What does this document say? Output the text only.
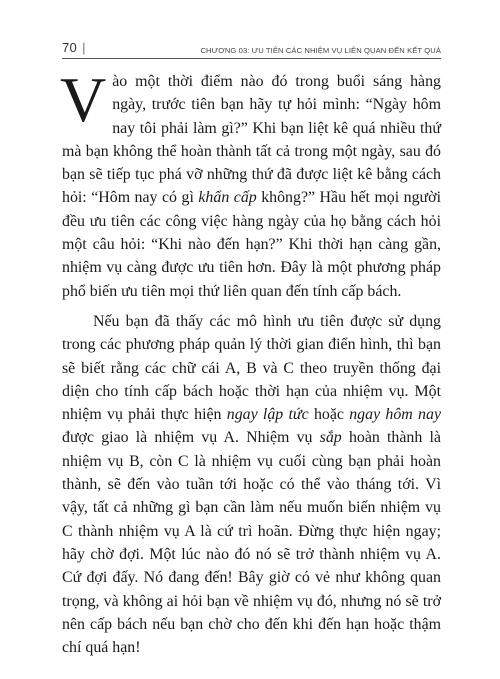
70 |	CHƯƠNG 03: ƯU TIÊN CÁC NHIỆM VỤ LIÊN QUAN ĐẾN KẾT QUẢ

Vào một thời điểm nào đó trong buổi sáng hàng ngày, trước tiên bạn hãy tự hỏi mình: “Ngày hôm nay tôi phải làm gì?” Khi bạn liệt kê quá nhiều thứ mà bạn không thể hoàn thành tất cả trong một ngày, sau đó bạn sẽ tiếp tục phá vỡ những thứ đã được liệt kê bằng cách hỏi: “Hôm nay có gì khẩn cấp không?” Hầu hết mọi người đều ưu tiên các công việc hàng ngày của họ bằng cách hỏi một câu hỏi: “Khi nào đến hạn?” Khi thời hạn càng gần, nhiệm vụ càng được ưu tiên hơn. Đây là một phương pháp phổ biến ưu tiên mọi thứ liên quan đến tính cấp bách.

Nếu bạn đã thấy các mô hình ưu tiên được sử dụng trong các phương pháp quản lý thời gian điển hình, thì bạn sẽ biết rằng các chữ cái A, B và C theo truyền thống đại diện cho tính cấp bách hoặc thời hạn của nhiệm vụ. Một nhiệm vụ phải thực hiện ngay lập tức hoặc ngay hôm nay được giao là nhiệm vụ A. Nhiệm vụ sắp hoàn thành là nhiệm vụ B, còn C là nhiệm vụ cuối cùng bạn phải hoàn thành, sẽ đến vào tuần tới hoặc có thể vào tháng tới. Vì vậy, tất cả những gì bạn cần làm nếu muốn biến nhiệm vụ C thành nhiệm vụ A là cứ trì hoãn. Đừng thực hiện ngay; hãy chờ đợi. Một lúc nào đó nó sẽ trở thành nhiệm vụ A. Cứ đợi đấy. Nó đang đến! Bây giờ có vẻ như không quan trọng, và không ai hỏi bạn về nhiệm vụ đó, nhưng nó sẽ trở nên cấp bách nếu bạn chờ cho đến khi đến hạn hoặc thậm chí quá hạn!
